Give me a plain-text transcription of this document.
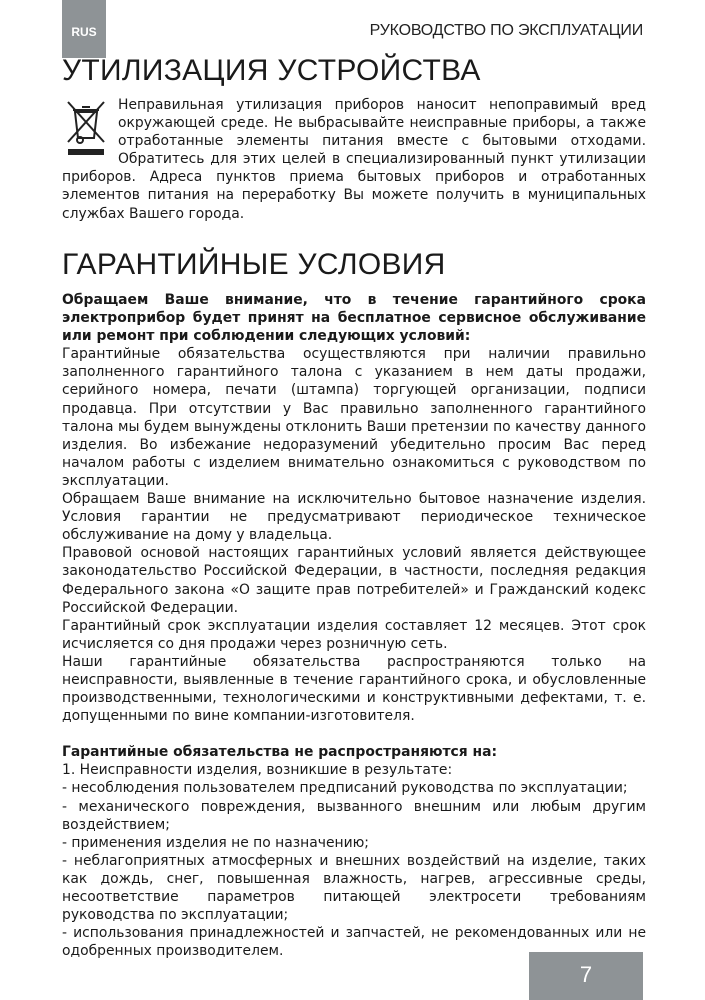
RUS	РУКОВОДСТВО ПО ЭКСПЛУАТАЦИИ
УТИЛИЗАЦИЯ УСТРОЙСТВА
Неправильная утилизация приборов наносит непоправимый вред окружающей среде. Не выбрасывайте неисправные приборы, а также отработанные элементы питания вместе с бытовыми отходами. Обратитесь для этих целей в специализированный пункт утилизации приборов. Адреса пунктов приема бытовых приборов и отработанных элементов питания на переработку Вы можете получить в муниципальных службах Вашего города.
ГАРАНТИЙНЫЕ УСЛОВИЯ

Обращаем Ваше внимание, что в течение гарантийного срока электроприбор будет принят на бесплатное сервисное обслуживание или ремонт при соблюдении следующих условий:

Гарантийные обязательства осуществляются при наличии правильно заполненного гарантийного талона с указанием в нем даты продажи, серийного номера, печати (штампа) торгующей организации, подписи продавца. При отсутствии у Вас правильно заполненного гарантийного талона мы будем вынуждены отклонить Ваши претензии по качеству данного изделия. Во избежание недоразумений убедительно просим Вас перед началом работы с изделием внимательно ознакомиться с руководством по эксплуатации.

Обращаем Ваше внимание на исключительно бытовое назначение изделия. Условия гарантии не предусматривают периодическое техническое обслуживание на дому у владельца.

Правовой основой настоящих гарантийных условий является действующее законодательство Российской Федерации, в частности, последняя редакция Федерального закона «О защите прав потребителей» и Гражданский кодекс Российской Федерации.

Гарантийный срок эксплуатации изделия составляет 12 месяцев. Этот срок исчисляется со дня продажи через розничную сеть.

Наши гарантийные обязательства распространяются только на неисправности, выявленные в течение гарантийного срока, и обусловленные производственными, технологическими и конструктивными дефектами, т. е. допущенными по вине компании-изготовителя.

Гарантийные обязательства не распространяются на:

1. Неисправности изделия, возникшие в результате:

- несоблюдения пользователем предписаний руководства по эксплуатации;

- механического повреждения, вызванного внешним или любым другим воздействием;

- применения изделия не по назначению;

- неблагоприятных атмосферных и внешних воздействий на изделие, таких как дождь, снег, повышенная влажность, нагрев, агрессивные среды, несоответствие параметров питающей электросети требованиям руководства по эксплуатации;

- использования принадлежностей и запчастей, не рекомендованных или не одобренных производителем.

7
